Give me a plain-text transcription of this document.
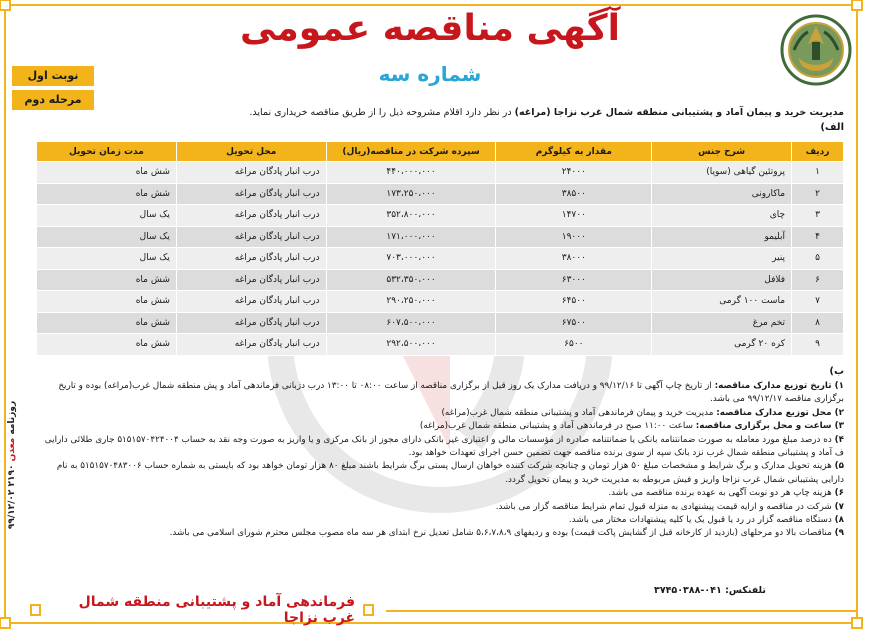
آگهی مناقصه عمومی
شماره سه
نوبت اول
مرحله دوم
روزنامه معدن ۲۱۹۰ ۹۹/۱۲/۰۲
مدیریت خرید و پیمان آماد و پشتیبانی منطقه شمال غرب نزاجا (مراغه) در نظر دارد اقلام مشروحه ذیل را از طریق مناقصه خریداری نماید.
الف)
ردیف	شرح جنس	مقدار به کیلوگرم	سپرده شرکت در مناقصه(ریال)	محل تحویل	مدت زمان تحویل
۱	پروتئین گیاهی (سویا)	۲۴۰۰۰	۴۴۰،۰۰۰،۰۰۰	درب انبار پادگان مراغه	شش ماه
۲	ماکارونی	۳۸۵۰۰	۱۷۳،۲۵۰،۰۰۰	درب انبار پادگان مراغه	شش ماه
۳	چای	۱۴۷۰۰	۳۵۲،۸۰۰،۰۰۰	درب انبار پادگان مراغه	یک سال
۴	آبلیمو	۱۹۰۰۰	۱۷۱،۰۰۰،۰۰۰	درب انبار پادگان مراغه	یک سال
۵	پنیر	۳۸۰۰۰	۷۰۳،۰۰۰،۰۰۰	درب انبار پادگان مراغه	یک سال
۶	فلافل	۶۳۰۰۰	۵۳۲،۳۵۰،۰۰۰	درب انبار پادگان مراغه	شش ماه
۷	ماست ۱۰۰ گرمی	۶۴۵۰۰	۲۹۰،۲۵۰،۰۰۰	درب انبار پادگان مراغه	شش ماه
۸	تخم مرغ	۶۷۵۰۰	۶۰۷،۵۰۰،۰۰۰	درب انبار پادگان مراغه	شش ماه
۹	کره ۲۰ گرمی	۶۵۰۰	۲۹۲،۵۰۰،۰۰۰	درب انبار پادگان مراغه	شش ماه
ب)
۱) تاریخ توزیع مدارک مناقصه: از تاریخ چاپ آگهی تا ۹۹/۱۲/۱۶ و دریافت مدارک یک روز قبل از برگزاری مناقصه از ساعت ۰۸:۰۰ تا ۱۳:۰۰ درب دژبانی فرماندهی آماد و پش منطقه شمال غرب(مراغه) بوده و تاریخ برگزاری مناقصه ۹۹/۱۲/۱۷ می باشد.
۲) محل توزیع مدارک مناقصه: مدیریت خرید و پیمان فرماندهی آماد و پشتیبانی منطقه شمال غرب(مراغه)
۳) ساعت و محل برگزاری مناقصه: ساعت ۱۱:۰۰ صبح در فرماندهی آماد و پشتیبانی منطقه شمال غرب(مراغه)
۴) ده درصد مبلغ مورد معامله به صورت ضمانتنامه بانکی یا ضمانتنامه صادره از مؤسسات مالی و اعتباری غیر بانکی دارای مجوز از بانک مرکزی و یا واریز به صورت وجه نقد به حساب ۵۱۵۱۵۷۰۴۲۴۰۰۴ جاری طلائی دارایی ف آماد و پشتیبانی منطقه شمال غرب نزد بانک سپه از سوی برنده مناقصه جهت تضمین حسن اجرای تعهدات خواهد بود.
۵) هزینه تحویل مدارک و برگ شرایط و مشخصات مبلغ ۵۰ هزار تومان و چنانچه شرکت کننده خواهان ارسال پستی برگ شرایط باشند مبلغ ۸۰ هزار تومان خواهد بود که بایستی به شماره حساب ۵۱۵۱۵۷۰۴۸۳۰۰۶ به نام دارایی پشتیبانی شمال غرب نزاجا واریز و فیش مربوطه به مدیریت خرید و پیمان تحویل گردد.
۶) هزینه چاپ هر دو نوبت آگهی به عهده برنده مناقصه می باشد.
۷) شرکت در مناقصه و ارایه قیمت پیشنهادی به منزله قبول تمام شرایط مناقصه گزار می باشد.
۸) دستگاه مناقصه گزار در رد یا قبول یک یا کلیه پیشنهادات مختار می باشد.
۹) مناقصات بالا دو مرحلهای (بازدید از کارخانه قبل از گشایش پاکت قیمت) بوده و ردیفهای ۵،۶،۷،۸،۹ شامل تعدیل نرخ ابتدای هر سه ماه مصوب مجلس محترم شورای اسلامی می باشد.
تلفنکس: ۰۴۱-۳۷۴۵۰۳۸۸
فرماندهی آماد و پشتیبانی منطقه شمال غرب نزاجا
